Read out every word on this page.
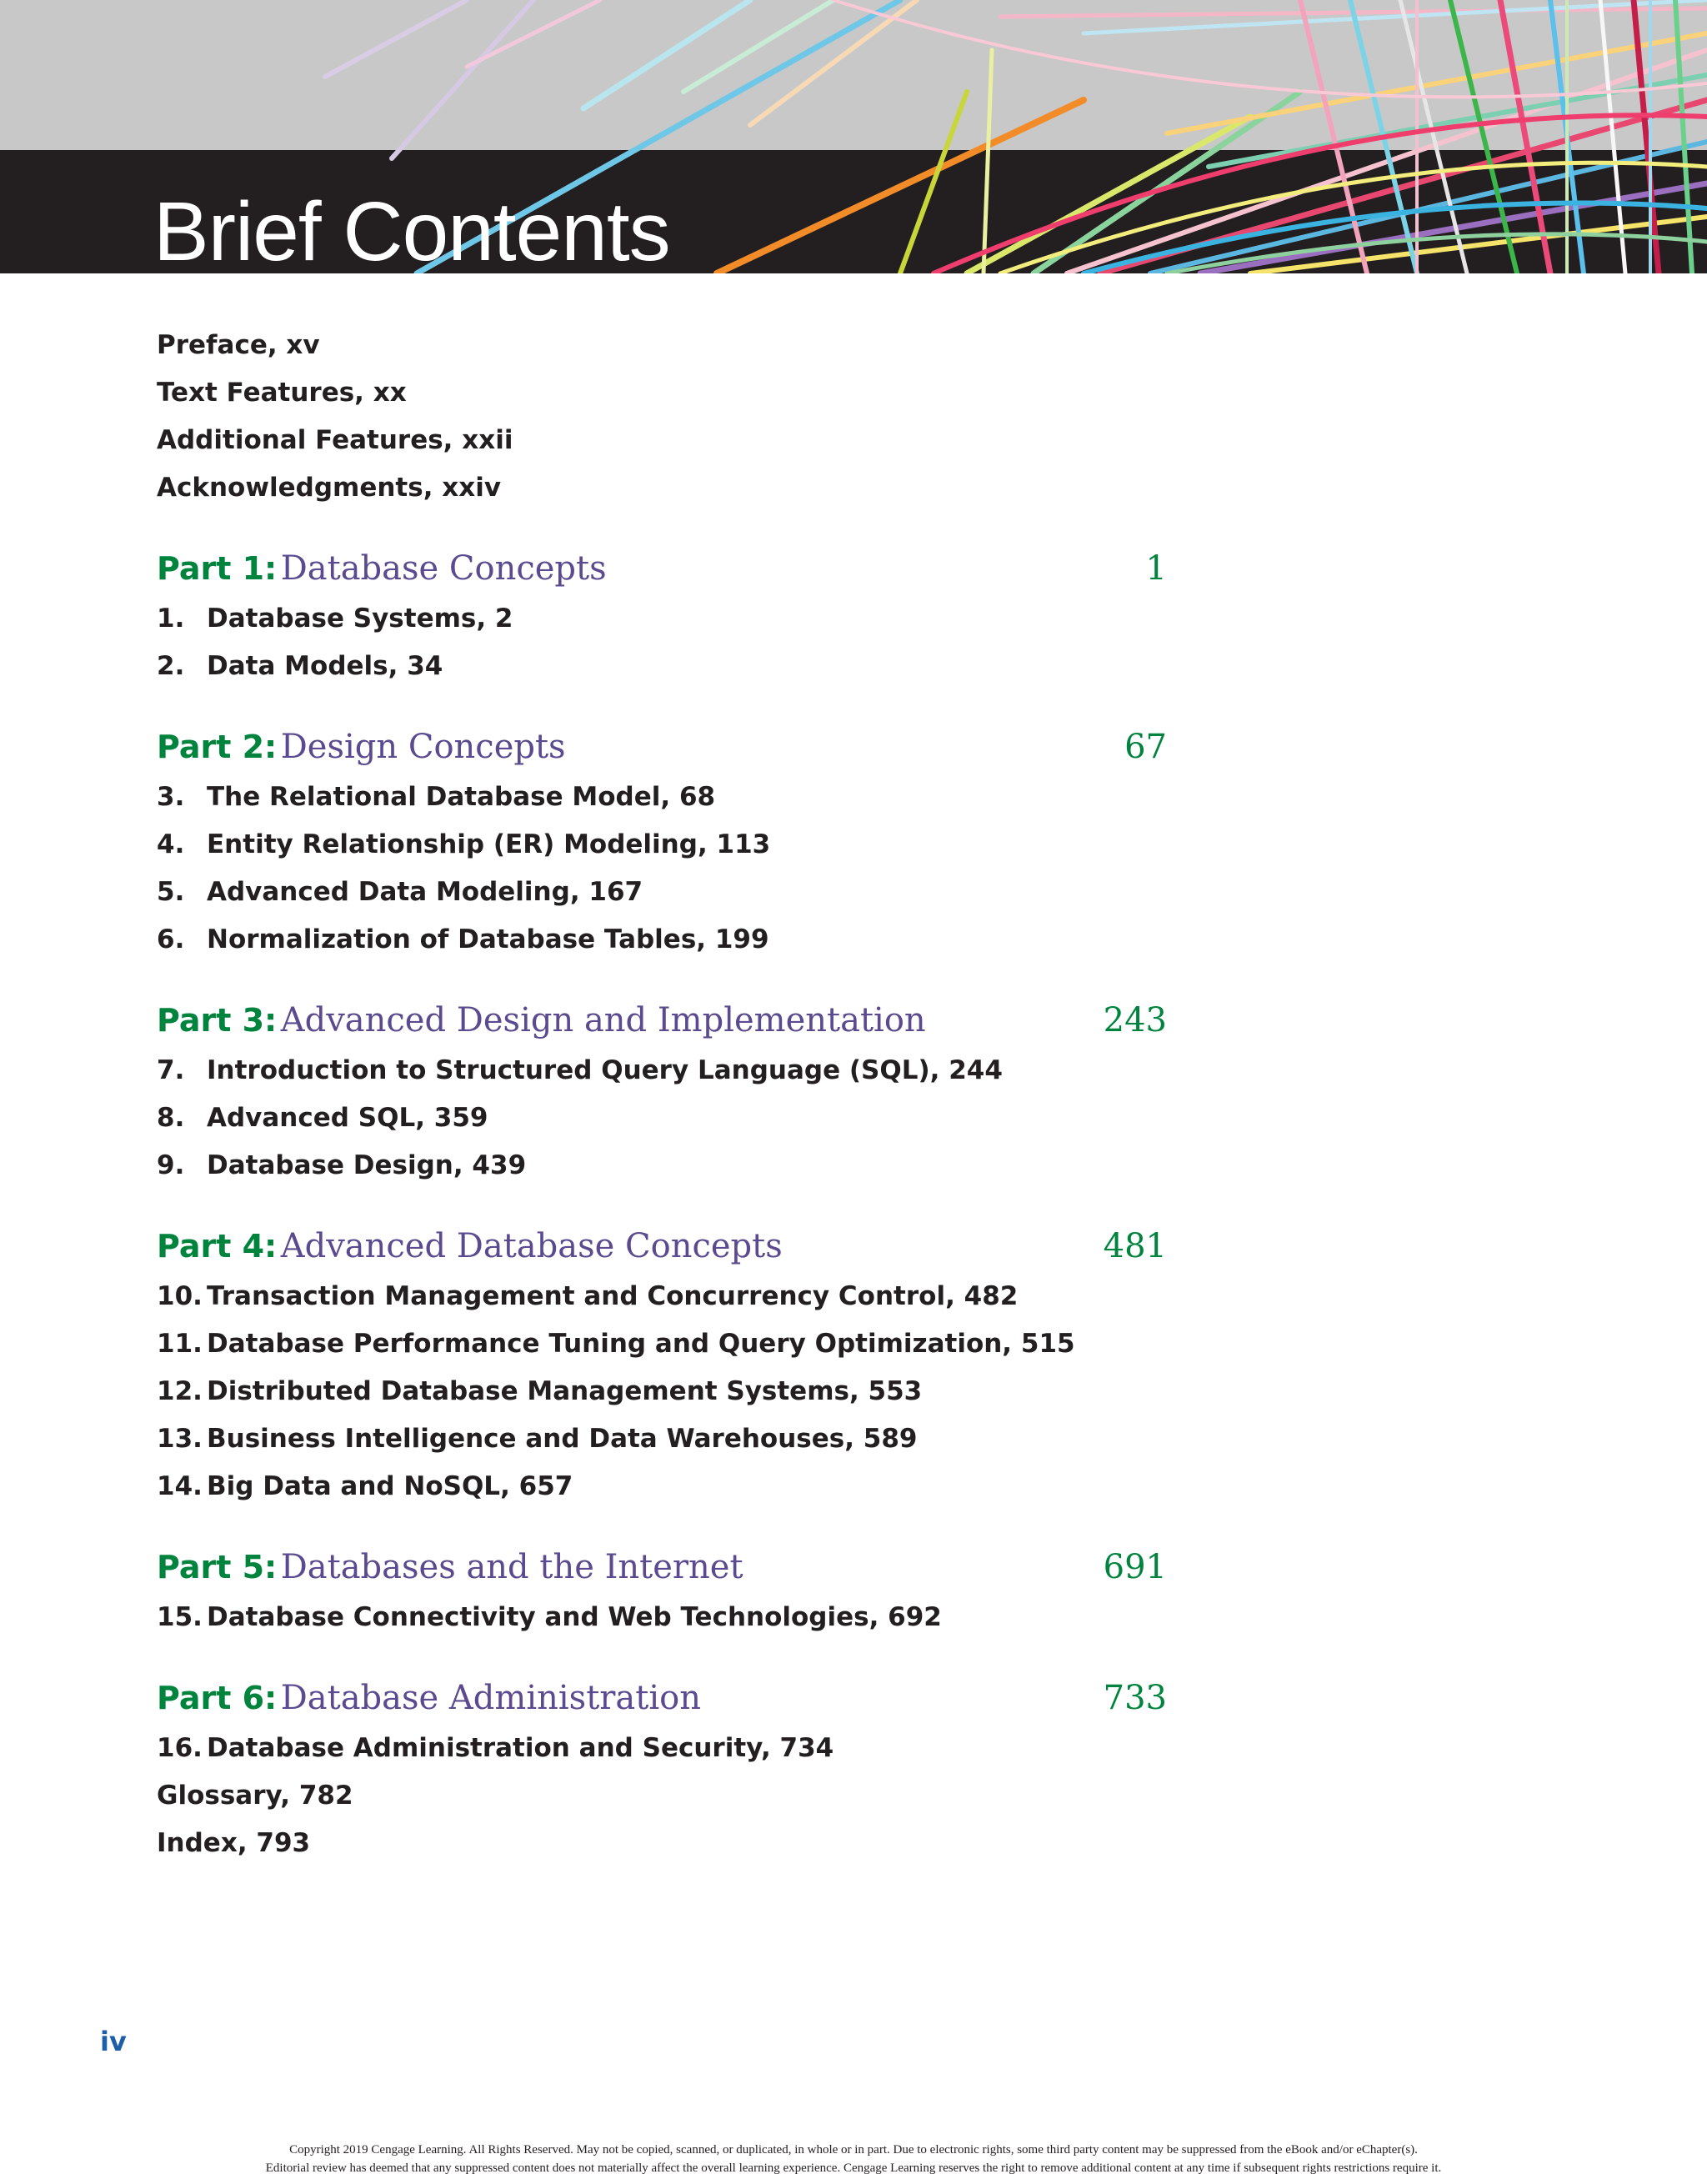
Brief Contents
Preface, xv
Text Features, xx
Additional Features, xxii
Acknowledgments, xxiv
Part 1: Database Concepts	1
1. Database Systems, 2
2. Data Models, 34
Part 2: Design Concepts	67
3. The Relational Database Model, 68
4. Entity Relationship (ER) Modeling, 113
5. Advanced Data Modeling, 167
6. Normalization of Database Tables, 199
Part 3: Advanced Design and Implementation	243
7. Introduction to Structured Query Language (SQL), 244
8. Advanced SQL, 359
9. Database Design, 439
Part 4: Advanced Database Concepts	481
10. Transaction Management and Concurrency Control, 482
11. Database Performance Tuning and Query Optimization, 515
12. Distributed Database Management Systems, 553
13. Business Intelligence and Data Warehouses, 589
14. Big Data and NoSQL, 657
Part 5: Databases and the Internet	691
15. Database Connectivity and Web Technologies, 692
Part 6: Database Administration	733
16. Database Administration and Security, 734
Glossary, 782
Index, 793
iv
Copyright 2019 Cengage Learning. All Rights Reserved. May not be copied, scanned, or duplicated, in whole or in part. Due to electronic rights, some third party content may be suppressed from the eBook and/or eChapter(s).
Editorial review has deemed that any suppressed content does not materially affect the overall learning experience. Cengage Learning reserves the right to remove additional content at any time if subsequent rights restrictions require it.
